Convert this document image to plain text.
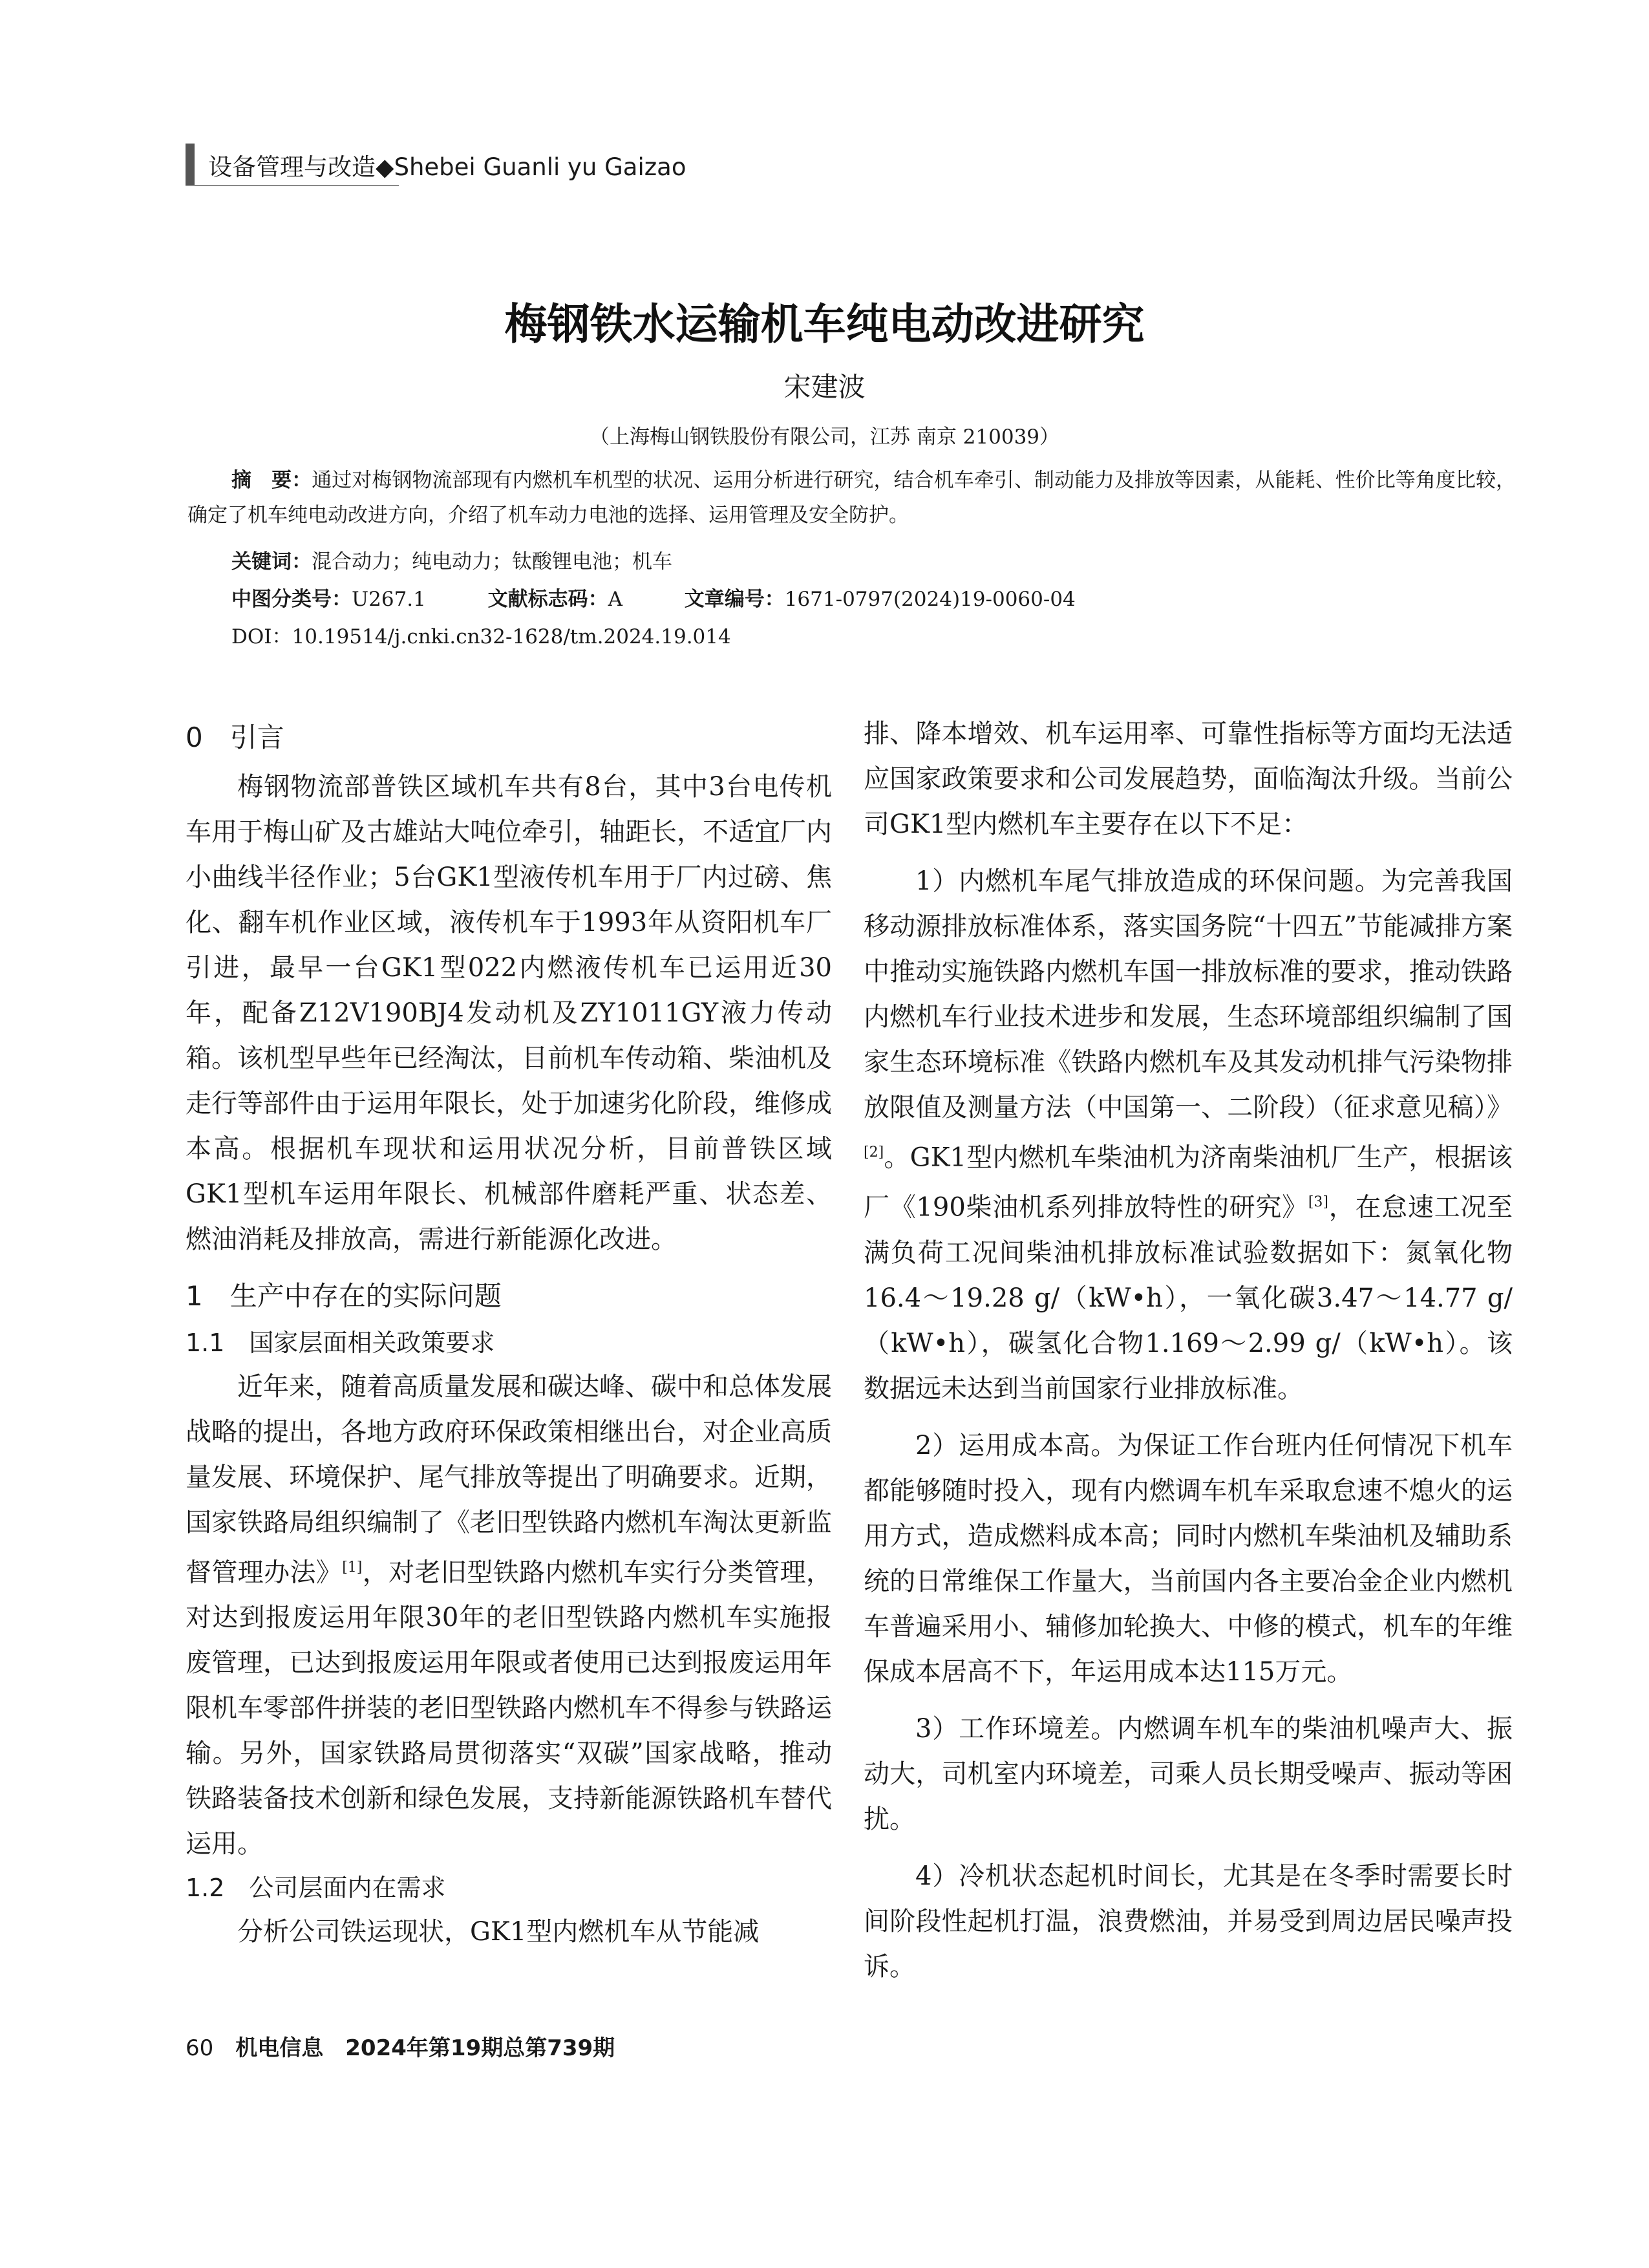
设备管理与改造◆Shebei Guanli yu Gaizao
梅钢铁水运输机车纯电动改进研究
宋建波
（上海梅山钢铁股份有限公司，江苏 南京 210039）
摘　要：通过对梅钢物流部现有内燃机车机型的状况、运用分析进行研究，结合机车牵引、制动能力及排放等因素，从能耗、性价比等角度比较，确定了机车纯电动改进方向，介绍了机车动力电池的选择、运用管理及安全防护。
关键词：混合动力；纯电动力；钛酸锂电池；机车
中图分类号：U267.1	文献标志码：A	文章编号：1671-0797(2024)19-0060-04
DOI：10.19514/j.cnki.cn32-1628/tm.2024.19.014
0　引言

梅钢物流部普铁区域机车共有8台，其中3台电传机车用于梅山矿及古雄站大吨位牵引，轴距长，不适宜厂内小曲线半径作业；5台GK1型液传机车用于厂内过磅、焦化、翻车机作业区域，液传机车于1993年从资阳机车厂引进，最早一台GK1型022内燃液传机车已运用近30年，配备Z12V190BJ4发动机及ZY1011GY液力传动箱。该机型早些年已经淘汰，目前机车传动箱、柴油机及走行等部件由于运用年限长，处于加速劣化阶段，维修成本高。根据机车现状和运用状况分析，目前普铁区域GK1型机车运用年限长、机械部件磨耗严重、状态差、燃油消耗及排放高，需进行新能源化改进。

1　生产中存在的实际问题
1.1　国家层面相关政策要求

近年来，随着高质量发展和碳达峰、碳中和总体发展战略的提出，各地方政府环保政策相继出台，对企业高质量发展、环境保护、尾气排放等提出了明确要求。近期，国家铁路局组织编制了《老旧型铁路内燃机车淘汰更新监督管理办法》[1]，对老旧型铁路内燃机车实行分类管理，对达到报废运用年限30年的老旧型铁路内燃机车实施报废管理，已达到报废运用年限或者使用已达到报废运用年限机车零部件拼装的老旧型铁路内燃机车不得参与铁路运输。另外，国家铁路局贯彻落实“双碳”国家战略，推动铁路装备技术创新和绿色发展，支持新能源铁路机车替代运用。

1.2　公司层面内在需求

分析公司铁运现状，GK1型内燃机车从节能减

排、降本增效、机车运用率、可靠性指标等方面均无法适应国家政策要求和公司发展趋势，面临淘汰升级。当前公司GK1型内燃机车主要存在以下不足：

1）内燃机车尾气排放造成的环保问题。为完善我国移动源排放标准体系，落实国务院“十四五”节能减排方案中推动实施铁路内燃机车国一排放标准的要求，推动铁路内燃机车行业技术进步和发展，生态环境部组织编制了国家生态环境标准《铁路内燃机车及其发动机排气污染物排放限值及测量方法（中国第一、二阶段）（征求意见稿）》[2]。GK1型内燃机车柴油机为济南柴油机厂生产，根据该厂《190柴油机系列排放特性的研究》[3]，在怠速工况至满负荷工况间柴油机排放标准试验数据如下：氮氧化物16.4～19.28 g/（kW•h），一氧化碳3.47～14.77 g/（kW•h），碳氢化合物1.169～2.99 g/（kW•h）。该数据远未达到当前国家行业排放标准。

2）运用成本高。为保证工作台班内任何情况下机车都能够随时投入，现有内燃调车机车采取怠速不熄火的运用方式，造成燃料成本高；同时内燃机车柴油机及辅助系统的日常维保工作量大，当前国内各主要冶金企业内燃机车普遍采用小、辅修加轮换大、中修的模式，机车的年维保成本居高不下，年运用成本达115万元。

3）工作环境差。内燃调车机车的柴油机噪声大、振动大，司机室内环境差，司乘人员长期受噪声、振动等困扰。

4）冷机状态起机时间长，尤其是在冬季时需要长时间阶段性起机打温，浪费燃油，并易受到周边居民噪声投诉。

60 机电信息　2024年第19期总第739期
